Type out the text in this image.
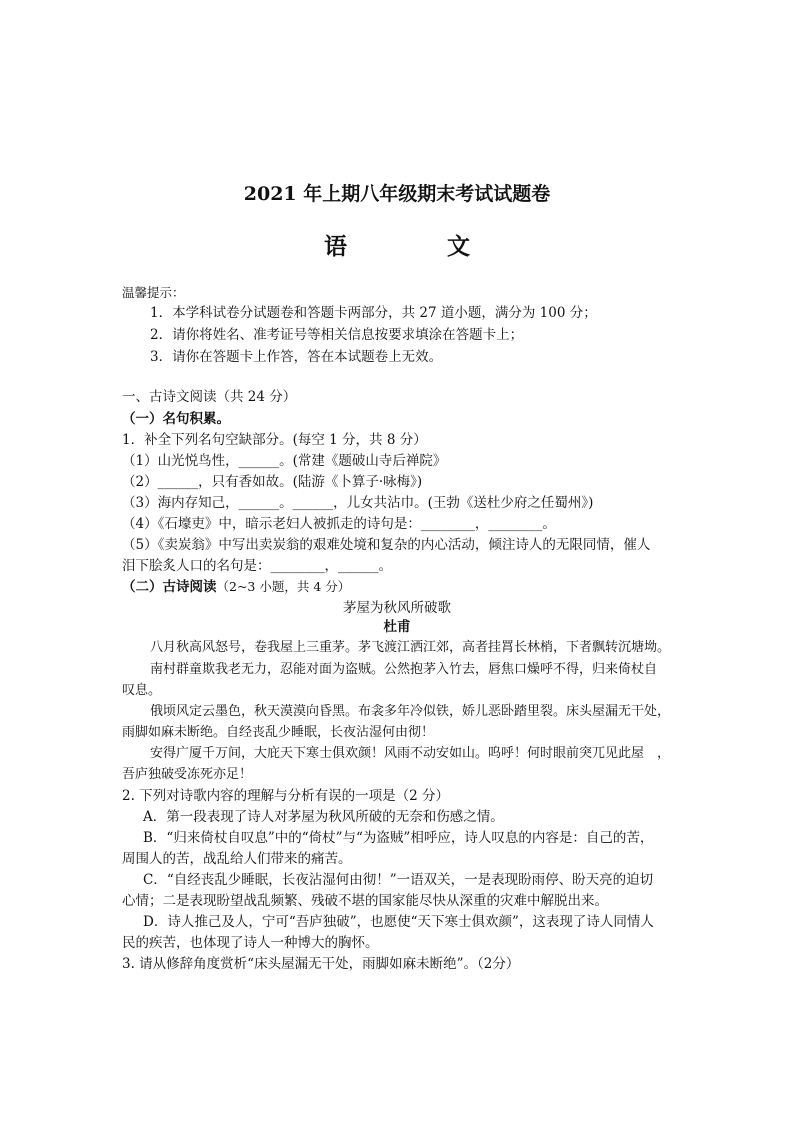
2021 年上期八年级期末考试试题卷
语 文
温馨提示：
1．本学科试卷分试题卷和答题卡两部分，共 27 道小题，满分为 100 分；
2．请你将姓名、准考证号等相关信息按要求填涂在答题卡上；
3．请你在答题卡上作答，答在本试题卷上无效。
一、古诗文阅读（共 24 分）
（一）名句积累。
1．补全下列名句空缺部分。(每空 1 分，共 8 分）
（1）山光悦鸟性，______。(常建《题破山寺后禅院》
（2）______，只有香如故。(陆游《卜算子·咏梅》)
（3）海内存知己，______。______，儿女共沾巾。(王勃《送杜少府之任蜀州》)
（4）《石壕吏》中，暗示老妇人被抓走的诗句是：________，________。
（5）《卖炭翁》中写出卖炭翁的艰难处境和复杂的内心活动，倾注诗人的无限同情，催人
泪下脍炙人口的名句是：________，______。
（二）古诗阅读（2~3 小题，共 4 分）
茅屋为秋风所破歌
杜甫
八月秋高风怒号，卷我屋上三重茅。茅飞渡江洒江郊，高者挂罥长林梢，下者飘转沉塘坳。
南村群童欺我老无力，忍能对面为盗贼。公然抱茅入竹去，唇焦口燥呼不得，归来倚杖自
叹息。
俄顷风定云墨色，秋天漠漠向昏黑。布衾多年冷似铁，娇儿恶卧踏里裂。床头屋漏无干处，
雨脚如麻未断绝。自经丧乱少睡眠，长夜沾湿何由彻！
安得广厦千万间，大庇天下寒士俱欢颜！风雨不动安如山。呜呼！何时眼前突兀见此屋　，
吾庐独破受冻死亦足！
2. 下列对诗歌内容的理解与分析有误的一项是（2 分）
A．第一段表现了诗人对茅屋为秋风所破的无奈和伤感之情。
B．“归来倚杖自叹息”中的“倚杖”与“为盗贼”相呼应，诗人叹息的内容是：自己的苦，
周围人的苦，战乱给人们带来的痛苦。
C．“自经丧乱少睡眠，长夜沾湿何由彻！”一语双关，一是表现盼雨停、盼天亮的迫切
心情；二是表现盼望战乱频繁、残破不堪的国家能尽快从深重的灾难中解脱出来。
D．诗人推己及人，宁可“吾庐独破”，也愿使“天下寒士俱欢颜”，这表现了诗人同情人
民的疾苦，也体现了诗人一种博大的胸怀。
3. 请从修辞角度赏析“床头屋漏无干处，雨脚如麻未断绝”。（2分）
